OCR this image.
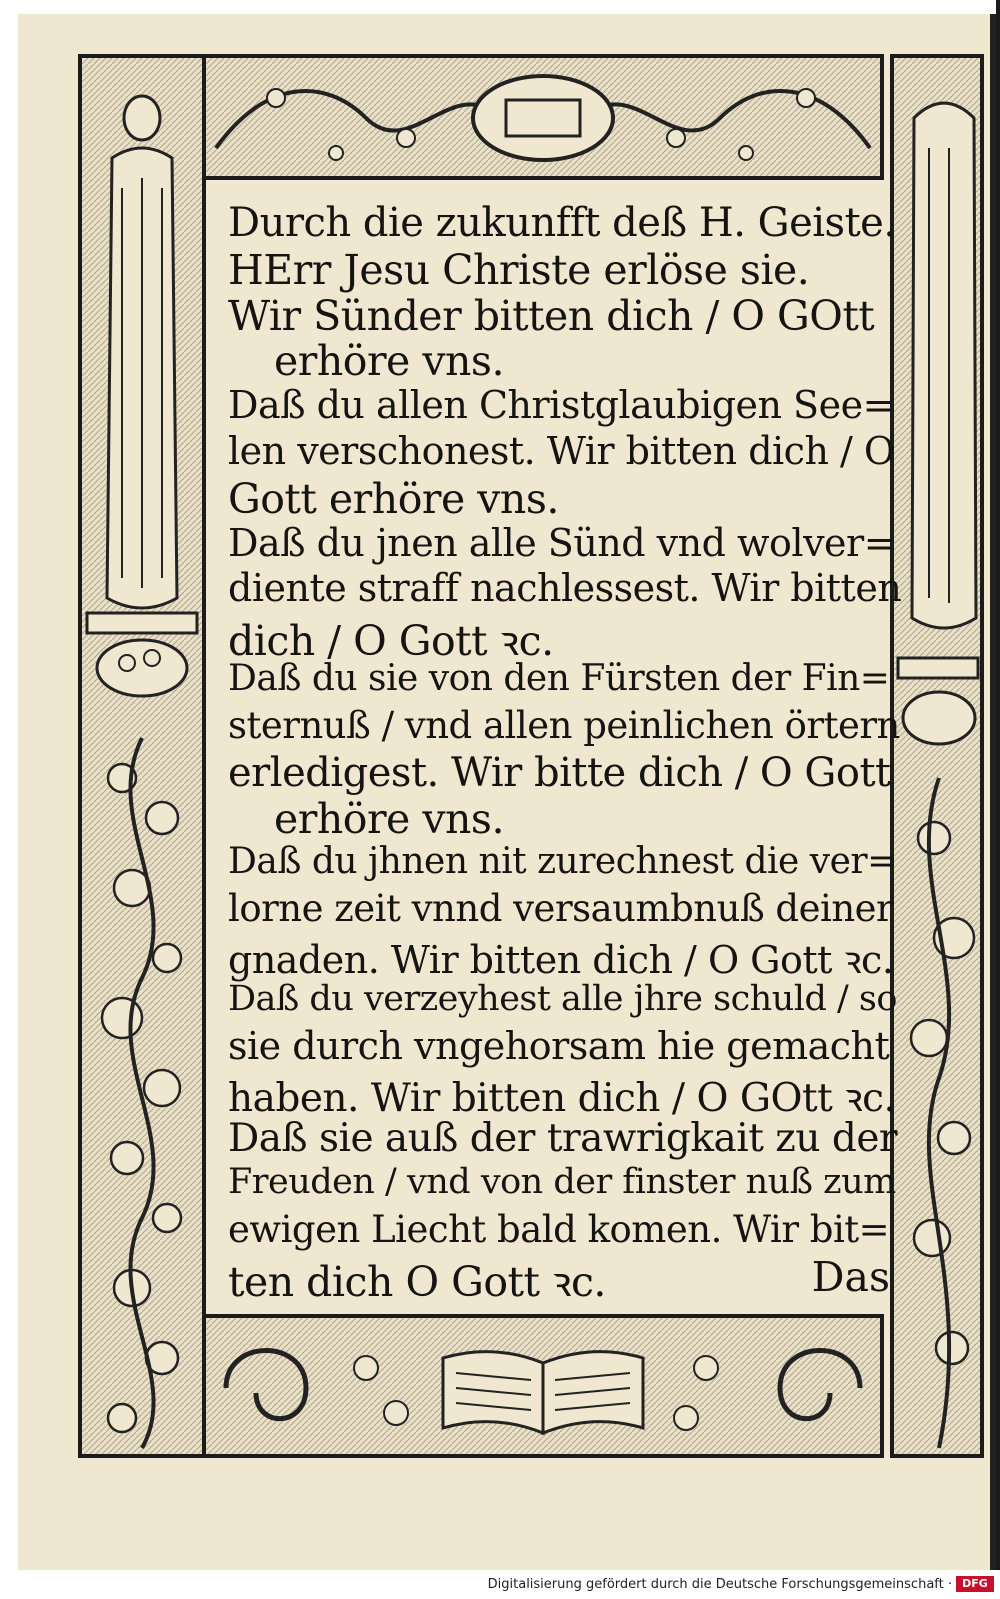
Durch die zukunfft deß H. Geiste.
HErr Jesu Christe erlöse sie.
Wir Sünder bitten dich / O GOtt
erhöre vns.
Daß du allen Christglaubigen See=
len verschonest. Wir bitten dich / O
Gott erhöre vns.
Daß du jnen alle Sünd vnd wolver=
diente straff nachlessest. Wir bitten
dich / O Gott ꝛc.
Daß du sie von den Fürsten der Fin=
sternuß / vnd allen peinlichen örtern
erledigest. Wir bitte dich / O Gott
erhöre vns.
Daß du jhnen nit zurechnest die ver=
lorne zeit vnnd versaumbnuß deiner
gnaden. Wir bitten dich / O Gott ꝛc.
Daß du verzeyhest alle jhre schuld / so
sie durch vngehorsam hie gemacht
haben. Wir bitten dich / O GOtt ꝛc.
Daß sie auß der trawrigkait zu der
Freuden / vnd von der finster nuß zum
ewigen Liecht bald komen. Wir bit=
ten dich O Gott ꝛc.	Das
Digitalisierung gefördert durch die Deutsche Forschungsgemeinschaft · DFG
